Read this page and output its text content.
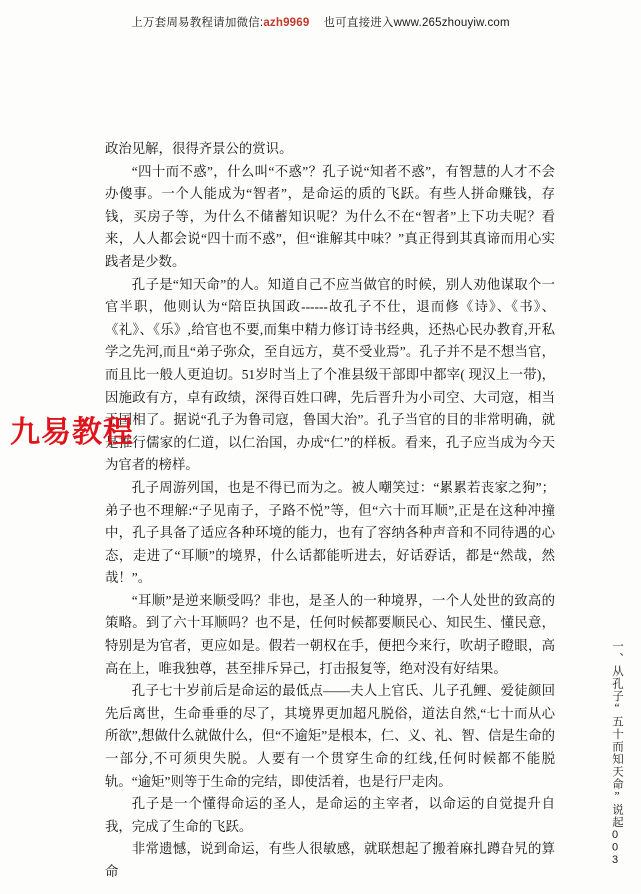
上万套周易教程请加微信:azh9969 也可直接进入www.265zhouyiw.com

政治见解，很得齐景公的赏识。

“四十而不惑”，什么叫“不惑”？孔子说“知者不惑”，有智慧的人才不会办傻事。一个人能成为“智者”，是命运的质的飞跃。有些人拼命赚钱，存钱，买房子等，为什么不储蓄知识呢？为什么不在“智者”上下功夫呢？看来，人人都会说“四十而不惑”，但“谁解其中味？”真正得到其真谛而用心实践者是少数。

孔子是“知天命”的人。知道自己不应当做官的时候，别人劝他谋取个一官半职，他则认为“陪臣执国政------故孔子不仕，退而修《诗》、《书》、《礼》、《乐》,给官也不要,而集中精力修订诗书经典，还热心民办教育,开私学之先河,而且“弟子弥众，至自远方，莫不受业焉”。孔子并不是不想当官，而且比一般人更迫切。51岁时当上了个准县级干部即中都宰( 现汉上一带)，因施政有方，卓有政绩，深得百姓口碑，先后晋升为小司空、大司寇，相当于国相了。据说“孔子为鲁司寇，鲁国大治”。孔子当官的目的非常明确，就是推行儒家的仁道，以仁治国，办成“仁”的样板。看来，孔子应当成为今天为官者的榜样。

孔子周游列国，也是不得已而为之。被人嘲笑过：“累累若丧家之狗”；弟子也不理解:“子见南子，子路不悦”等，但“六十而耳顺”,正是在这种冲撞中，孔子具备了适应各种环境的能力，也有了容纳各种声音和不同待遇的心态，走进了“耳顺”的境界，什么话都能听进去，好话孬话，都是“然哉，然哉！”。

“耳顺”是逆来顺受吗？非也，是圣人的一种境界，一个人处世的致高的策略。到了六十耳顺吗？也不是，任何时候都要顺民心、知民生、懂民意，特别是为官者，更应如是。假若一朝权在手，便把今来行，吹胡子瞪眼，高高在上，唯我独尊，甚至排斥异己，打击报复等，绝对没有好结果。

孔子七十岁前后是命运的最低点——夫人上官氏、儿子孔鲤、爱徒颜回先后离世，生命垂垂的尽了，其境界更加超凡脱俗，道法自然,“七十而从心所欲”,想做什么就做什么，但“不逾矩”是根本，仁、义、礼、智、信是生命的一部分,不可须臾失脱。人要有一个贯穿生命的红线,任何时候都不能脱轨。“逾矩”则等于生命的完结，即使活着，也是行尸走肉。

孔子是一个懂得命运的圣人，是命运的主宰者，以命运的自觉提升自我，完成了生命的飞跃。

非常遗憾，说到命运，有些人很敏感，就联想起了搬着麻扎蹲旮旯的算命

九易教程
一、从孔子“五十而知天命”说起
003
